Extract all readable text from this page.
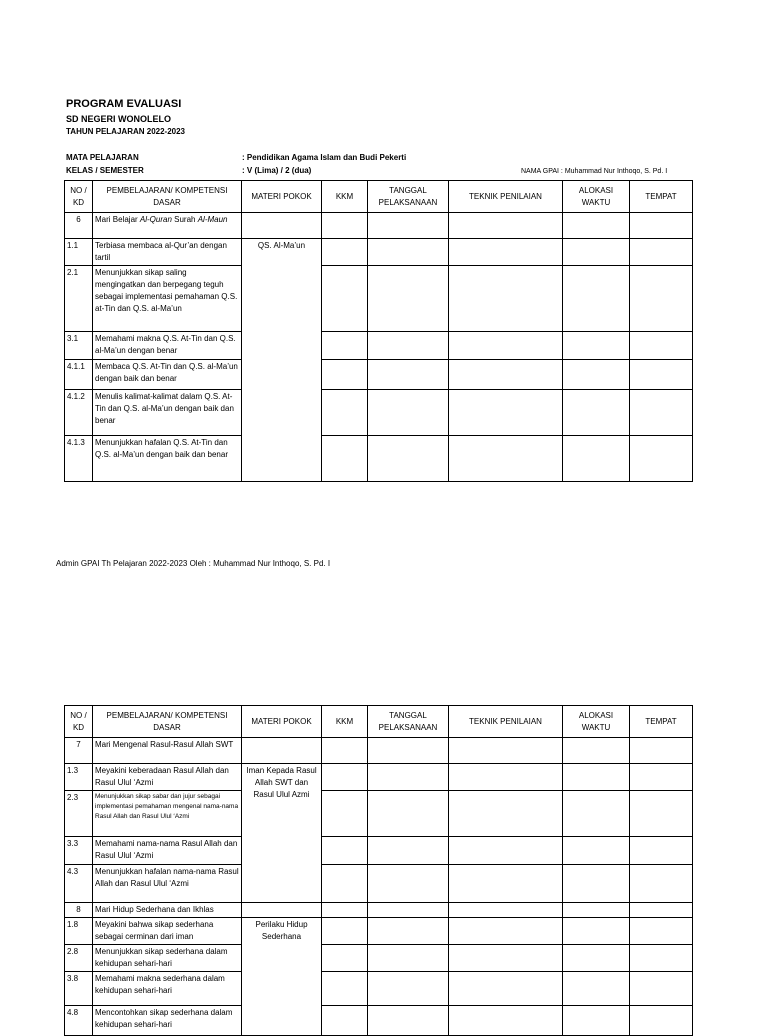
PROGRAM EVALUASI
SD NEGERI WONOLELO
TAHUN PELAJARAN 2022-2023
MATA PELAJARAN	: Pendidikan Agama Islam dan Budi Pekerti
KELAS / SEMESTER	: V (Lima) / 2 (dua)	NAMA GPAI : Muhammad Nur Inthoqo, S. Pd. I
NO / KD	PEMBELAJARAN/ KOMPETENSI DASAR	MATERI POKOK	KKM	TANGGAL PELAKSANAAN	TEKNIK PENILAIAN	ALOKASI WAKTU	TEMPAT
6	Mari Belajar Al-Quran Surah Al-Maun						
1.1	Terbiasa membaca al-Qur’an dengan tartil	QS. Al-Ma’un					
2.1	Menunjukkan sikap saling mengingatkan dan berpegang teguh sebagai implementasi pemahaman Q.S. at-Tin dan Q.S. al-Ma’un						
3.1	Memahami makna Q.S. At-Tin dan Q.S. al-Ma’un dengan benar						
4.1.1	Membaca Q.S. At-Tin dan Q.S. al-Ma’un dengan baik dan benar						
4.1.2	Menulis kalimat-kalimat dalam Q.S. At-Tin dan Q.S. al-Ma’un dengan baik dan benar						
4.1.3	Menunjukkan hafalan Q.S. At-Tin dan Q.S. al-Ma’un dengan baik dan benar						
Admin GPAI Th Pelajaran 2022-2023 Oleh : Muhammad Nur Inthoqo, S. Pd. I
NO / KD	PEMBELAJARAN/ KOMPETENSI DASAR	MATERI POKOK	KKM	TANGGAL PELAKSANAAN	TEKNIK PENILAIAN	ALOKASI WAKTU	TEMPAT
7	Mari Mengenal Rasul-Rasul Allah SWT						
1.3	Meyakini keberadaan Rasul Allah dan Rasul Ulul ‘Azmi	Iman Kepada Rasul Allah SWT dan Rasul Ulul Azmi					
2.3	Menunjukkan sikap sabar dan jujur sebagai implementasi pemahaman mengenal nama-nama Rasul Allah dan Rasul Ulul ‘Azmi						
3.3	Memahami nama-nama Rasul Allah dan Rasul Ulul ‘Azmi						
4.3	Menunjukkan hafalan nama-nama Rasul Allah dan Rasul Ulul ‘Azmi						
8	Mari Hidup Sederhana dan Ikhlas						
1.8	Meyakini bahwa sikap sederhana sebagai cerminan dari iman	Perilaku Hidup Sederhana					
2.8	Menunjukkan sikap sederhana dalam kehidupan sehari-hari						
3.8	Memahami makna sederhana dalam kehidupan sehari-hari						
4.8	Mencontohkan sikap sederhana dalam kehidupan sehari-hari						
